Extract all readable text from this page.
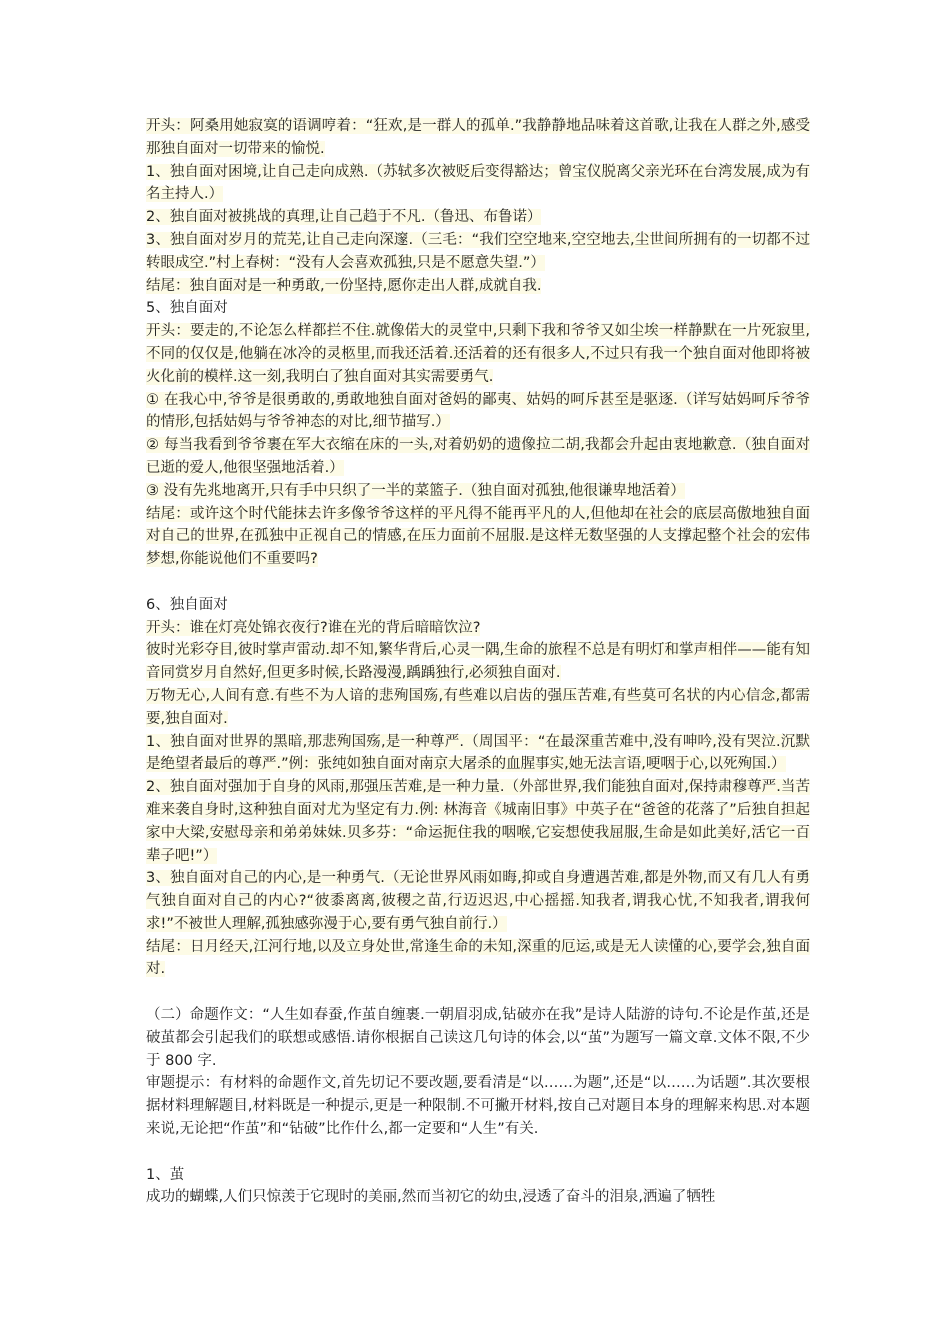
开头：阿桑用她寂寞的语调哼着：“狂欢,是一群人的孤单.”我静静地品味着这首歌,让我在人群之外,感受那独自面对一切带来的愉悦.
1、独自面对困境,让自己走向成熟.（苏轼多次被贬后变得豁达；曾宝仪脱离父亲光环在台湾发展,成为有名主持人.）
2、独自面对被挑战的真理,让自己趋于不凡.（鲁迅、布鲁诺）
3、独自面对岁月的荒芜,让自己走向深邃.（三毛：“我们空空地来,空空地去,尘世间所拥有的一切都不过转眼成空.”村上春树：“没有人会喜欢孤独,只是不愿意失望.”）
结尾：独自面对是一种勇敢,一份坚持,愿你走出人群,成就自我.
5、独自面对
开头：要走的,不论怎么样都拦不住.就像偌大的灵堂中,只剩下我和爷爷又如尘埃一样静默在一片死寂里,不同的仅仅是,他躺在冰冷的灵柩里,而我还活着.还活着的还有很多人,不过只有我一个独自面对他即将被火化前的模样.这一刻,我明白了独自面对其实需要勇气.
① 在我心中,爷爷是很勇敢的,勇敢地独自面对爸妈的鄙夷、姑妈的呵斥甚至是驱逐.（详写姑妈呵斥爷爷的情形,包括姑妈与爷爷神态的对比,细节描写.）
② 每当我看到爷爷裹在军大衣缩在床的一头,对着奶奶的遗像拉二胡,我都会升起由衷地歉意.（独自面对已逝的爱人,他很坚强地活着.）
③ 没有先兆地离开,只有手中只织了一半的菜篮子.（独自面对孤独,他很谦卑地活着）
结尾：或许这个时代能抹去许多像爷爷这样的平凡得不能再平凡的人,但他却在社会的底层高傲地独自面对自己的世界,在孤独中正视自己的情感,在压力面前不屈服.是这样无数坚强的人支撑起整个社会的宏伟梦想,你能说他们不重要吗?
6、独自面对
开头：谁在灯亮处锦衣夜行?谁在光的背后暗暗饮泣?
彼时光彩夺目,彼时掌声雷动.却不知,繁华背后,心灵一隅,生命的旅程不总是有明灯和掌声相伴——能有知音同赏岁月自然好,但更多时候,长路漫漫,踽踽独行,必须独自面对.
万物无心,人间有意.有些不为人谙的悲殉国殇,有些难以启齿的强压苦难,有些莫可名状的内心信念,都需要,独自面对.
1、独自面对世界的黑暗,那悲殉国殇,是一种尊严.（周国平：“在最深重苦难中,没有呻吟,没有哭泣.沉默是绝望者最后的尊严.”例：张纯如独自面对南京大屠杀的血腥事实,她无法言语,哽咽于心,以死殉国.）
2、独自面对强加于自身的风雨,那强压苦难,是一种力量.（外部世界,我们能独自面对,保持肃穆尊严.当苦难来袭自身时,这种独自面对尤为坚定有力.例: 林海音《城南旧事》中英子在“爸爸的花落了”后独自担起家中大梁,安慰母亲和弟弟妹妹.贝多芬：“命运扼住我的咽喉,它妄想使我屈服,生命是如此美好,活它一百辈子吧!”）
3、独自面对自己的内心,是一种勇气.（无论世界风雨如晦,抑或自身遭遇苦难,都是外物,而又有几人有勇气独自面对自己的内心?“彼黍离离,彼稷之苗,行迈迟迟,中心摇摇.知我者,谓我心忧,不知我者,谓我何求!”不被世人理解,孤独感弥漫于心,要有勇气独自前行.）
结尾：日月经天,江河行地,以及立身处世,常逢生命的未知,深重的厄运,或是无人读懂的心,要学会,独自面对.
（二）命题作文：“人生如春蚕,作茧自缠裹.一朝眉羽成,钻破亦在我”是诗人陆游的诗句.不论是作茧,还是破茧都会引起我们的联想或感悟.请你根据自己读这几句诗的体会,以“茧”为题写一篇文章.文体不限,不少于 800 字.
审题提示：有材料的命题作文,首先切记不要改题,要看清是“以……为题”,还是“以……为话题”.其次要根据材料理解题目,材料既是一种提示,更是一种限制.不可撇开材料,按自己对题目本身的理解来构思.对本题来说,无论把“作茧”和“钻破”比作什么,都一定要和“人生”有关.
1、茧
成功的蝴蝶,人们只惊羡于它现时的美丽,然而当初它的幼虫,浸透了奋斗的泪泉,洒遍了牺牲
